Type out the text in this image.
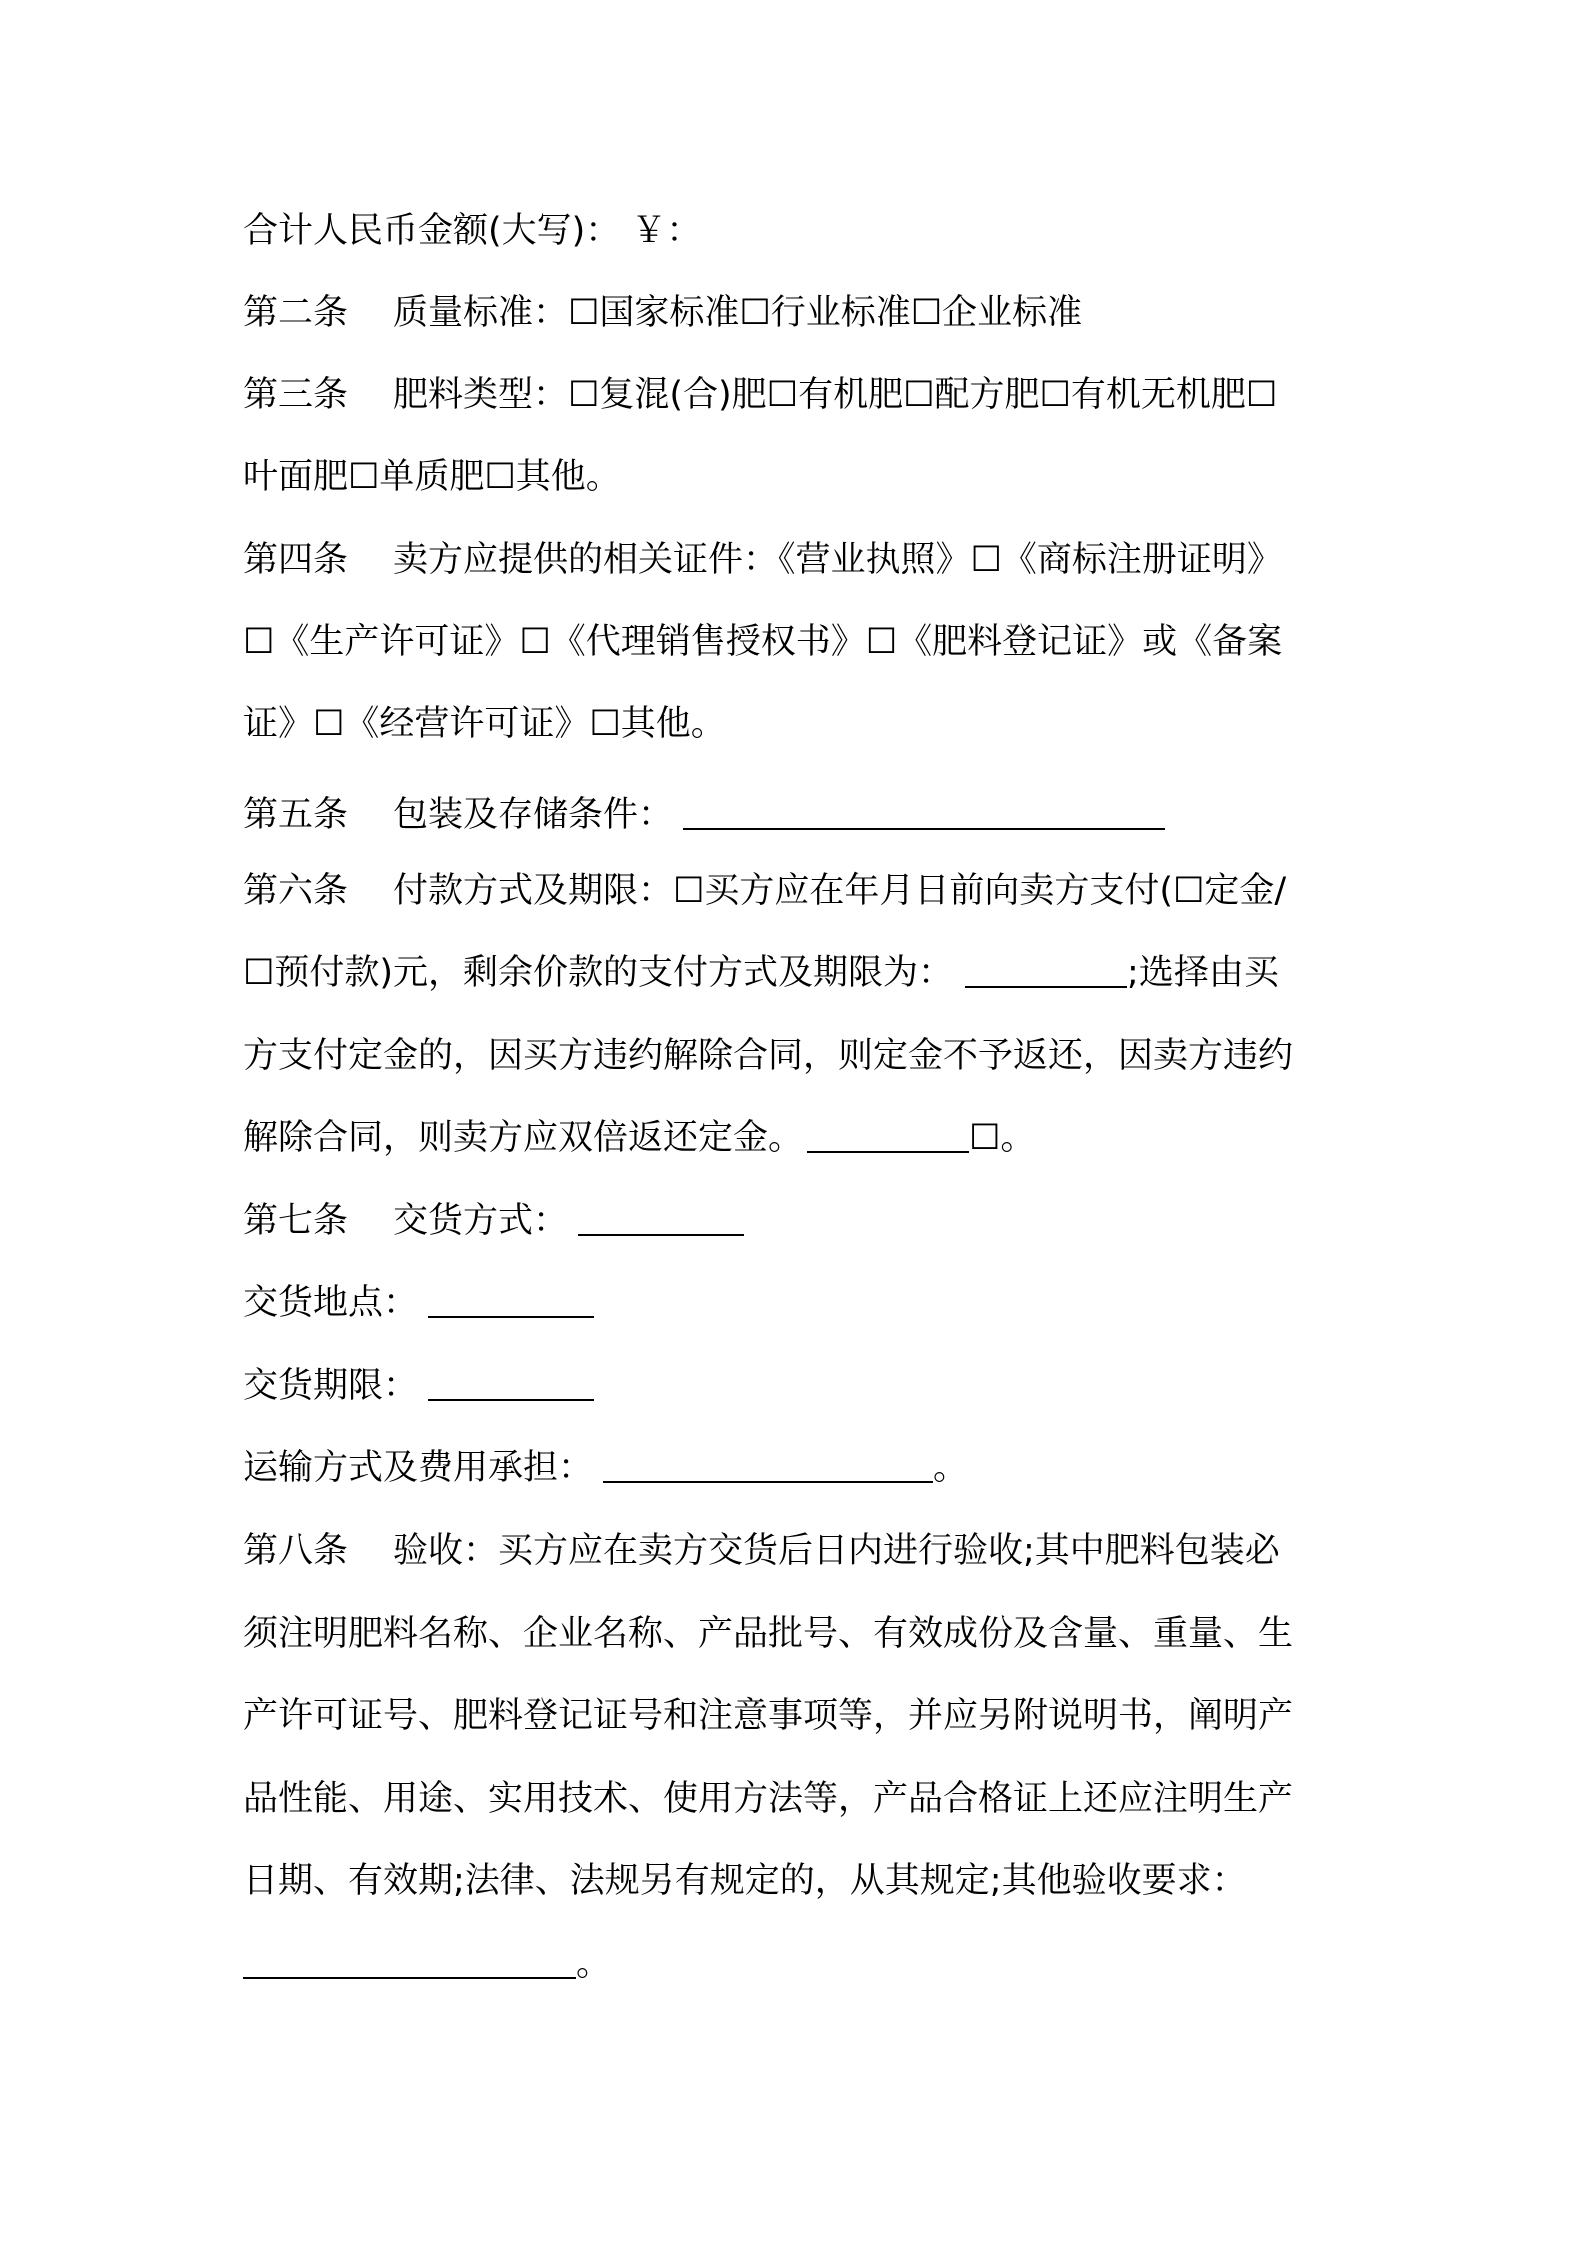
合计人民币金额(大写)： ￥：
第二条 质量标准：☐国家标准☐行业标准☐企业标准
第三条 肥料类型：☐复混(合)肥☐有机肥☐配方肥☐有机无机肥☐
叶面肥☐单质肥☐其他。
第四条 卖方应提供的相关证件：《营业执照》☐《商标注册证明》
☐《生产许可证》☐《代理销售授权书》☐《肥料登记证》或《备案
证》☐《经营许可证》☐其他。
第五条 包装及存储条件：
第六条 付款方式及期限：☐买方应在年月日前向卖方支付(☐定金/
☐预付款)元，剩余价款的支付方式及期限为：	;选择由买
方支付定金的，因买方违约解除合同，则定金不予返还，因卖方违约
解除合同，则卖方应双倍返还定金。	☐。
第七条 交货方式：
交货地点：
交货期限：
运输方式及费用承担：	。
第八条 验收：买方应在卖方交货后日内进行验收;其中肥料包装必
须注明肥料名称、企业名称、产品批号、有效成份及含量、重量、生
产许可证号、肥料登记证号和注意事项等，并应另附说明书，阐明产
品性能、用途、实用技术、使用方法等，产品合格证上还应注明生产
日期、有效期;法律、法规另有规定的，从其规定;其他验收要求：
。
